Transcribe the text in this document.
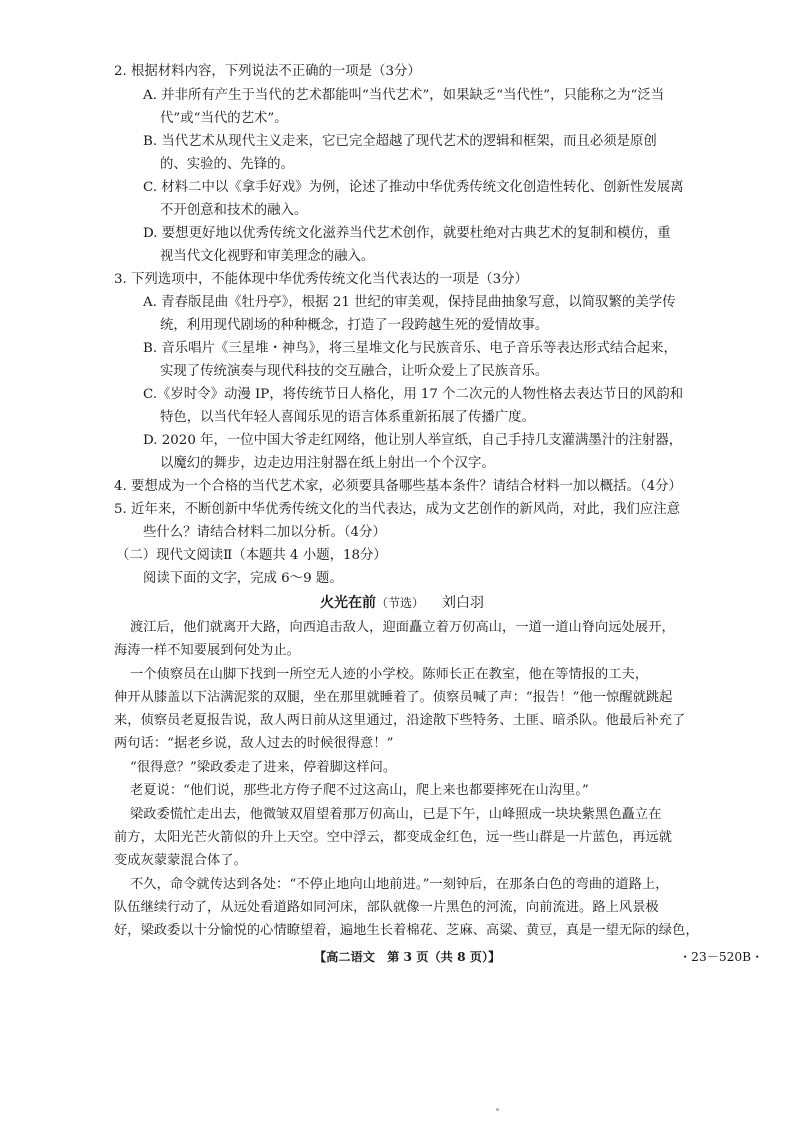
2. 根据材料内容，下列说法不正确的一项是（3分）
A. 并非所有产生于当代的艺术都能叫“当代艺术”，如果缺乏“当代性”，只能称之为“泛当
代”或“当代的艺术”。
B. 当代艺术从现代主义走来，它已完全超越了现代艺术的逻辑和框架，而且必须是原创
的、实验的、先锋的。
C. 材料二中以《拿手好戏》为例，论述了推动中华优秀传统文化创造性转化、创新性发展离
不开创意和技术的融入。
D. 要想更好地以优秀传统文化滋养当代艺术创作，就要杜绝对古典艺术的复制和模仿，重
视当代文化视野和审美理念的融入。
3. 下列选项中，不能体现中华优秀传统文化当代表达的一项是（3分）
A. 青春版昆曲《牡丹亭》，根据 21 世纪的审美观，保持昆曲抽象写意，以简驭繁的美学传
统，利用现代剧场的种种概念，打造了一段跨越生死的爱情故事。
B. 音乐唱片《三星堆・神鸟》，将三星堆文化与民族音乐、电子音乐等表达形式结合起来，
实现了传统演奏与现代科技的交互融合，让听众爱上了民族音乐。
C.《岁时令》动漫 IP，将传统节日人格化，用 17 个二次元的人物性格去表达节日的风韵和
特色，以当代年轻人喜闻乐见的语言体系重新拓展了传播广度。
D. 2020 年，一位中国大爷走红网络，他让别人举宣纸，自己手持几支灌满墨汁的注射器，
以魔幻的舞步，边走边用注射器在纸上射出一个个汉字。
4. 要想成为一个合格的当代艺术家，必须要具备哪些基本条件？请结合材料一加以概括。（4分）
5. 近年来，不断创新中华优秀传统文化的当代表达，成为文艺创作的新风尚，对此，我们应注意
些什么？请结合材料二加以分析。（4分）
（二）现代文阅读Ⅱ（本题共 4 小题，18分）
阅读下面的文字，完成 6～9 题。
火光在前（节选） 刘白羽
渡江后，他们就离开大路，向西追击敌人，迎面矗立着万仞高山，一道一道山脊向远处展开，
海涛一样不知要展到何处为止。
一个侦察员在山脚下找到一所空无人迹的小学校。陈师长正在教室，他在等情报的工夫，
伸开从膝盖以下沾满泥浆的双腿，坐在那里就睡着了。侦察员喊了声：“报告！”他一惊醒就跳起
来，侦察员老夏报告说，敌人两日前从这里通过，沿途散下些特务、土匪、暗杀队。他最后补充了
两句话：“据老乡说，敌人过去的时候很得意！”
“很得意？”梁政委走了进来，停着脚这样问。
老夏说：“他们说，那些北方侉子爬不过这高山，爬上来也都要摔死在山沟里。”
梁政委慌忙走出去，他微皱双眉望着那万仞高山，已是下午，山峰照成一块块紫黑色矗立在
前方，太阳光芒火箭似的升上天空。空中浮云，都变成金红色，远一些山群是一片蓝色，再远就
变成灰蒙蒙混合体了。
不久，命令就传达到各处：“不停止地向山地前进。”一刻钟后，在那条白色的弯曲的道路上，
队伍继续行动了，从远处看道路如同河床，部队就像一片黑色的河流，向前流进。路上风景极
好，梁政委以十分愉悦的心情瞭望着，遍地生长着棉花、芝麻、高粱、黄豆，真是一望无际的绿色，
【高二语文　第 3 页（共 8 页）】	・23－520B・
